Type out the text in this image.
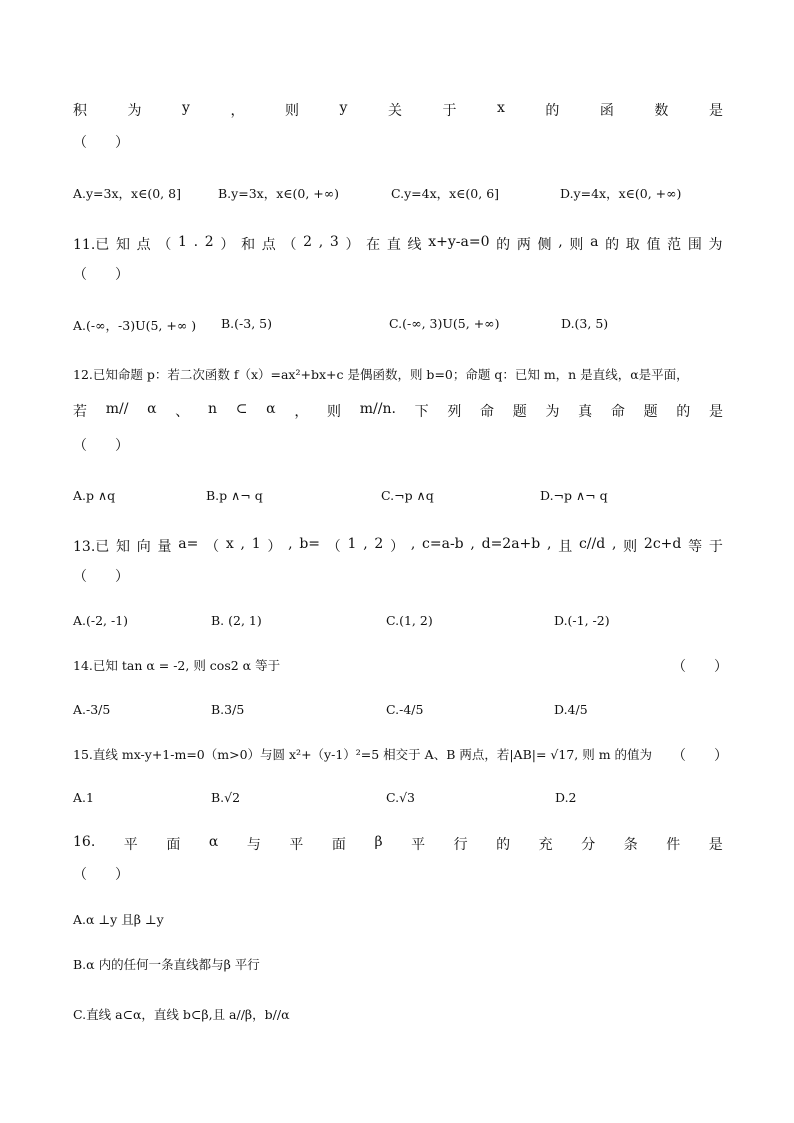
积	为	y	，	则	y	关	于	x	的	函	数	是
（　　）
A.y=3x，x∈(0, 8]	B.y=3x，x∈(0, +∞)	C.y=4x，x∈(0, 6]	D.y=4x，x∈(0, +∞)
11.已 知 点 （ 1 . 2 ） 和 点 （ 2 , 3 ） 在 直 线 x+y-a=0 的 两 侧 , 则 a 的 取 值 范 围 为
（　　）
A.(-∞，-3)U(5, +∞ ) B.(-3, 5)	C.(-∞, 3)U(5, +∞)	D.(3, 5)
12.已知命题 p：若二次函数 f（x）=ax²+bx+c 是偶函数，则 b=0；命题 q：已知 m，n 是直线，α是平面，
若 m// α 、 n ⊂ α ， 则 m//n. 下 列 命 题 为 真 命 题 的 是
（　　）
A.p ∧q	B.p ∧¬ q	C.¬p ∧q	D.¬p ∧¬ q
13.已 知 向 量 a= （ x , 1 ） , b= （ 1 , 2 ） , c=a-b , d=2a+b , 且 c//d , 则 2c+d 等 于
（　　）
A.(-2, -1)	B. (2, 1)	C.(1, 2)	D.(-1, -2)
14.已知 tan α = -2, 则 cos2 α 等于	（　　）
A.-3/5	B.3/5	C.-4/5	D.4/5
15.直线 mx-y+1-m=0（m>0）与圆 x²+（y-1）²=5 相交于 A、B 两点，若|AB|= √17, 则 m 的值为 （　　）
A.1	B.√2	C.√3	D.2
16. 平 面 α 与 平 面 β 平 行 的 充 分 条 件 是
（　　）
A.α ⊥y 且β ⊥y
B.α 内的任何一条直线都与β 平行
C.直线 a⊂α，直线 b⊂β,且 a//β，b//α
